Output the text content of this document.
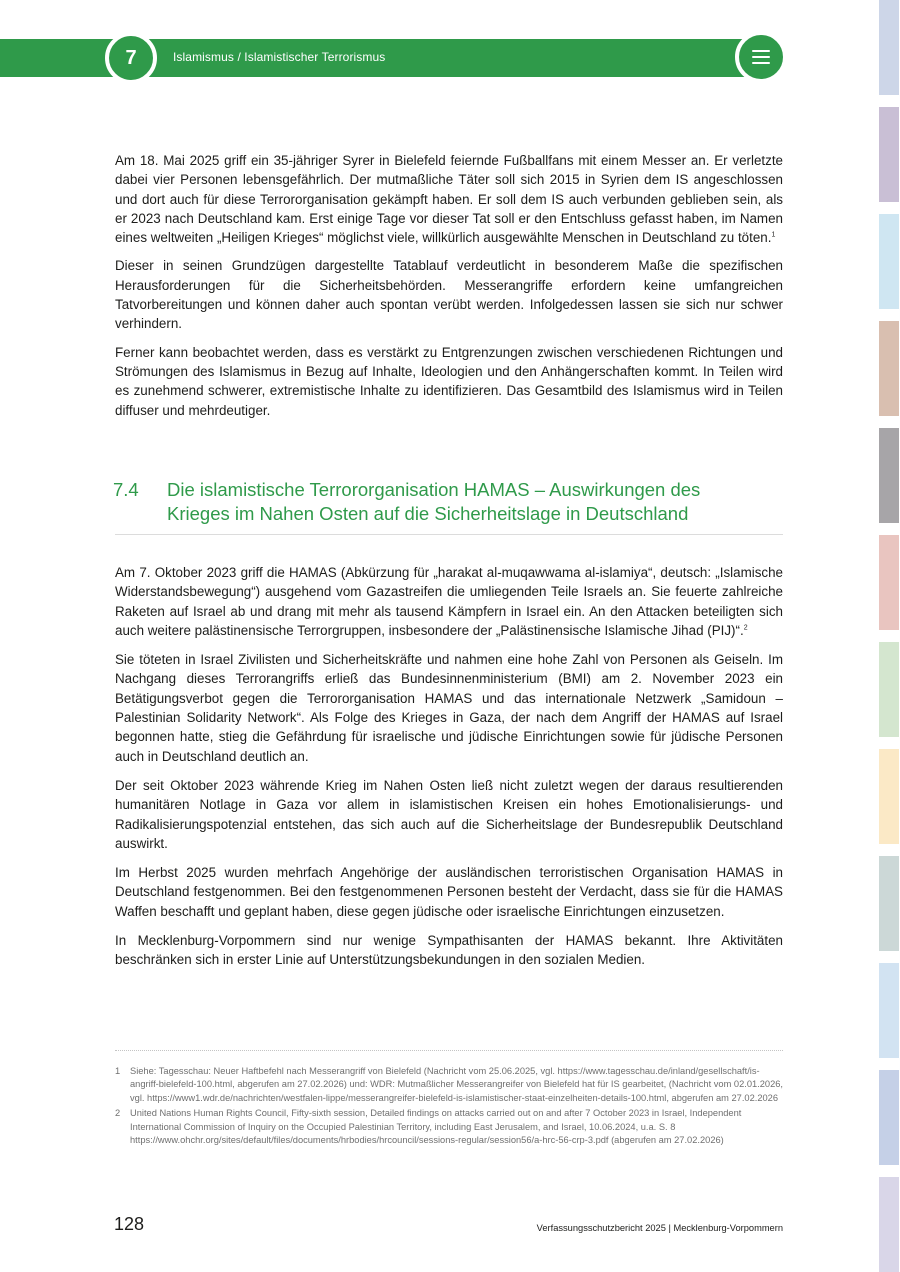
7	Islamismus / Islamistischer Terrorismus

Am 18. Mai 2025 griff ein 35-jähriger Syrer in Bielefeld feiernde Fußballfans mit einem Messer an. Er verletzte dabei vier Personen lebensgefährlich. Der mutmaßliche Täter soll sich 2015 in Syrien dem IS angeschlossen und dort auch für diese Terrororganisation gekämpft haben. Er soll dem IS auch verbunden geblieben sein, als er 2023 nach Deutschland kam. Erst einige Tage vor dieser Tat soll er den Entschluss gefasst haben, im Namen eines weltweiten „Heiligen Krieges“ möglichst viele, willkürlich ausgewählte Menschen in Deutschland zu töten.$^1$

Dieser in seinen Grundzügen dargestellte Tatablauf verdeutlicht in besonderem Maße die spezifischen Herausforderungen für die Sicherheitsbehörden. Messerangriffe erfordern keine umfangreichen Tatvorbereitungen und können daher auch spontan verübt werden. Infolgedessen lassen sie sich nur schwer verhindern.

Ferner kann beobachtet werden, dass es verstärkt zu Entgrenzungen zwischen verschiedenen Richtungen und Strömungen des Islamismus in Bezug auf Inhalte, Ideologien und den Anhängerschaften kommt. In Teilen wird es zunehmend schwerer, extremistische Inhalte zu identifizieren. Das Gesamtbild des Islamismus wird in Teilen diffuser und mehrdeutiger.

7.4 Die islamistische Terrororganisation HAMAS – Auswirkungen des Krieges im Nahen Osten auf die Sicherheitslage in Deutschland

Am 7. Oktober 2023 griff die HAMAS (Abkürzung für „harakat al-muqawwama al-islamiya“, deutsch: „Islamische Widerstandsbewegung“) ausgehend vom Gazastreifen die umliegenden Teile Israels an. Sie feuerte zahlreiche Raketen auf Israel ab und drang mit mehr als tausend Kämpfern in Israel ein. An den Attacken beteiligten sich auch weitere palästinensische Terrorgruppen, insbesondere der „Palästinensische Islamische Jihad (PIJ)“.$^2$

Sie töteten in Israel Zivilisten und Sicherheitskräfte und nahmen eine hohe Zahl von Personen als Geiseln. Im Nachgang dieses Terrorangriffs erließ das Bundesinnenministerium (BMI) am 2. November 2023 ein Betätigungsverbot gegen die Terrororganisation HAMAS und das internationale Netzwerk „Samidoun – Palestinian Solidarity Network“. Als Folge des Krieges in Gaza, der nach dem Angriff der HAMAS auf Israel begonnen hatte, stieg die Gefährdung für israelische und jüdische Einrichtungen sowie für jüdische Personen auch in Deutschland deutlich an.

Der seit Oktober 2023 währende Krieg im Nahen Osten ließ nicht zuletzt wegen der daraus resultierenden humanitären Notlage in Gaza vor allem in islamistischen Kreisen ein hohes Emotionalisierungs- und Radikalisierungspotenzial entstehen, das sich auch auf die Sicherheitslage der Bundesrepublik Deutschland auswirkt.

Im Herbst 2025 wurden mehrfach Angehörige der ausländischen terroristischen Organisation HAMAS in Deutschland festgenommen. Bei den festgenommenen Personen besteht der Verdacht, dass sie für die HAMAS Waffen beschafft und geplant haben, diese gegen jüdische oder israelische Einrichtungen einzusetzen.

In Mecklenburg-Vorpommern sind nur wenige Sympathisanten der HAMAS bekannt. Ihre Aktivitäten beschränken sich in erster Linie auf Unterstützungsbekundungen in den sozialen Medien.

1 Siehe: Tagesschau: Neuer Haftbefehl nach Messerangriff von Bielefeld (Nachricht vom 25.06.2025, vgl. https://www.tagesschau.de/inland/gesellschaft/is-angriff-bielefeld-100.html, abgerufen am 27.02.2026) und: WDR: Mutmaßlicher Messerangreifer von Bielefeld hat für IS gearbeitet, (Nachricht vom 02.01.2026, vgl. https://www1.wdr.de/nachrichten/westfalen-lippe/messerangreifer-bielefeld-is-islamistischer-staat-einzelheiten-details-100.html, abgerufen am 27.02.2026
2 United Nations Human Rights Council, Fifty-sixth session, Detailed findings on attacks carried out on and after 7 October 2023 in Israel, Independent International Commission of Inquiry on the Occupied Palestinian Territory, including East Jerusalem, and Israel, 10.06.2024, u.a. S. 8 https://www.ohchr.org/sites/default/files/documents/hrbodies/hrcouncil/sessions-regular/session56/a-hrc-56-crp-3.pdf (abgerufen am 27.02.2026)
128	Verfassungsschutzbericht 2025 | Mecklenburg-Vorpommern
